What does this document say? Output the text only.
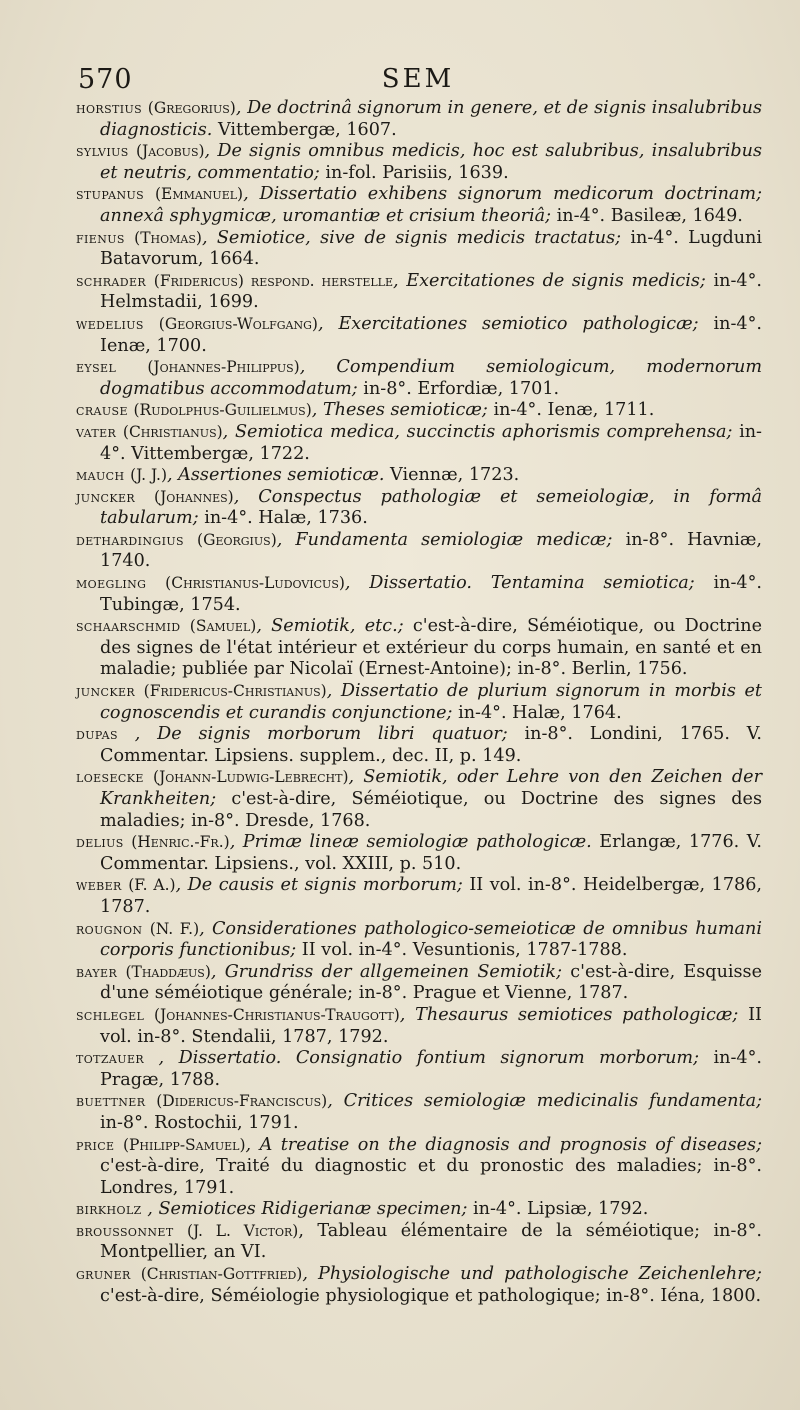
570	SEM

horstius (Gregorius), De doctrinâ signorum in genere, et de signis insalubribus diagnosticis. Vittembergæ, 1607.

sylvius (Jacobus), De signis omnibus medicis, hoc est salubribus, insalubribus et neutris, commentatio; in-fol. Parisiis, 1639.

stupanus (Emmanuel), Dissertatio exhibens signorum medicorum doctrinam; annexâ sphygmicæ, uromantiæ et crisium theoriâ; in-4°. Basileæ, 1649.

fienus (Thomas), Semiotice, sive de signis medicis tractatus; in-4°. Lugduni Batavorum, 1664.

schrader (Fridericus) respond. herstelle, Exercitationes de signis medicis; in-4°. Helmstadii, 1699.

wedelius (Georgius-Wolfgang), Exercitationes semiotico pathologicæ; in-4°. Ienæ, 1700.

eysel (Johannes-Philippus), Compendium semiologicum, modernorum dogmatibus accommodatum; in-8°. Erfordiæ, 1701.

crause (Rudolphus-Guilielmus), Theses semioticæ; in-4°. Ienæ, 1711.

vater (Christianus), Semiotica medica, succinctis aphorismis comprehensa; in-4°. Vittembergæ, 1722.

mauch (J. J.), Assertiones semioticæ. Viennæ, 1723.

juncker (Johannes), Conspectus pathologiæ et semeiologiæ, in formâ tabularum; in-4°. Halæ, 1736.

dethardingius (Georgius), Fundamenta semiologiæ medicæ; in-8°. Havniæ, 1740.

moegling (Christianus-Ludovicus), Dissertatio. Tentamina semiotica; in-4°. Tubingæ, 1754.

schaarschmid (Samuel), Semiotik, etc.; c'est-à-dire, Séméiotique, ou Doctrine des signes de l'état intérieur et extérieur du corps humain, en santé et en maladie; publiée par Nicolaï (Ernest-Antoine); in-8°. Berlin, 1756.

juncker (Fridericus-Christianus), Dissertatio de plurium signorum in morbis et cognoscendis et curandis conjunctione; in-4°. Halæ, 1764.

dupas , De signis morborum libri quatuor; in-8°. Londini, 1765. V. Commentar. Lipsiens. supplem., dec. II, p. 149.

loesecke (Johann-Ludwig-Lebrecht), Semiotik, oder Lehre von den Zeichen der Krankheiten; c'est-à-dire, Séméiotique, ou Doctrine des signes des maladies; in-8°. Dresde, 1768.

delius (Henric.-Fr.), Primæ lineæ semiologiæ pathologicæ. Erlangæ, 1776. V. Commentar. Lipsiens., vol. XXIII, p. 510.

weber (F. A.), De causis et signis morborum; II vol. in-8°. Heidelbergæ, 1786, 1787.

rougnon (N. F.), Considerationes pathologico-semeioticæ de omnibus humani corporis functionibus; II vol. in-4°. Vesuntionis, 1787-1788.

bayer (Thaddæus), Grundriss der allgemeinen Semiotik; c'est-à-dire, Esquisse d'une séméiotique générale; in-8°. Prague et Vienne, 1787.

schlegel (Johannes-Christianus-Traugott), Thesaurus semiotices pathologicæ; II vol. in-8°. Stendalii, 1787, 1792.

totzauer , Dissertatio. Consignatio fontium signorum morborum; in-4°. Pragæ, 1788.

buettner (Didericus-Franciscus), Critices semiologiæ medicinalis fundamenta; in-8°. Rostochii, 1791.

price (Philipp-Samuel), A treatise on the diagnosis and prognosis of diseases; c'est-à-dire, Traité du diagnostic et du pronostic des maladies; in-8°. Londres, 1791.

birkholz , Semiotices Ridigerianæ specimen; in-4°. Lipsiæ, 1792.

broussonnet (J. L. Victor), Tableau élémentaire de la séméiotique; in-8°. Montpellier, an VI.

gruner (Christian-Gottfried), Physiologische und pathologische Zeichenlehre; c'est-à-dire, Séméiologie physiologique et pathologique; in-8°. Iéna, 1800.
